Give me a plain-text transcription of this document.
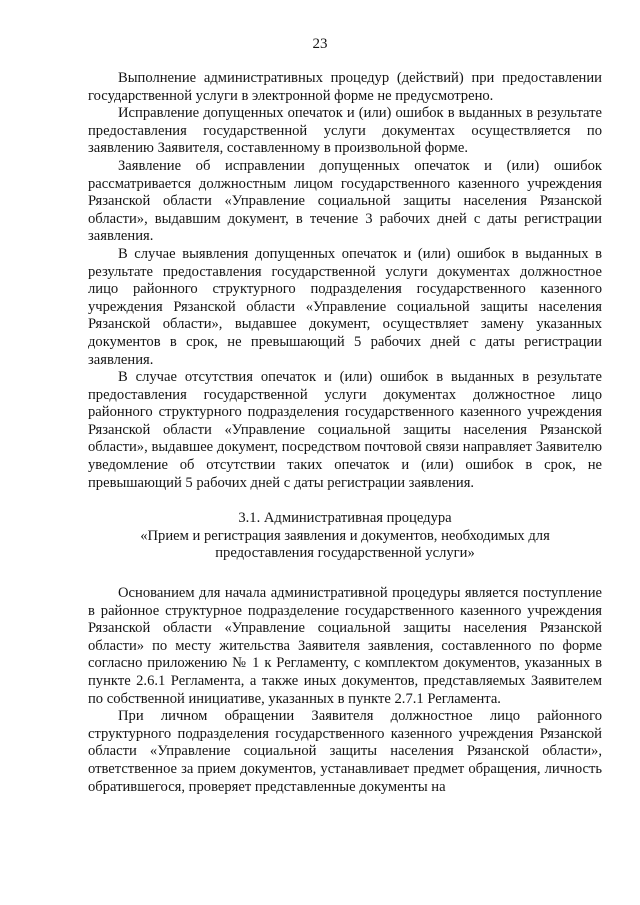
23

Выполнение административных процедур (действий) при предоставлении государственной услуги в электронной форме не предусмотрено.

Исправление допущенных опечаток и (или) ошибок в выданных в результате предоставления государственной услуги документах осуществляется по заявлению Заявителя, составленному в произвольной форме.

Заявление об исправлении допущенных опечаток и (или) ошибок рассматривается должностным лицом государственного казенного учреждения Рязанской области «Управление социальной защиты населения Рязанской области», выдавшим документ, в течение 3 рабочих дней с даты регистрации заявления.

В случае выявления допущенных опечаток и (или) ошибок в выданных в результате предоставления государственной услуги документах должностное лицо районного структурного подразделения государственного казенного учреждения Рязанской области «Управление социальной защиты населения Рязанской области», выдавшее документ, осуществляет замену указанных документов в срок, не превышающий 5 рабочих дней с даты регистрации заявления.

В случае отсутствия опечаток и (или) ошибок в выданных в результате предоставления государственной услуги документах должностное лицо районного структурного подразделения государственного казенного учреждения Рязанской области «Управление социальной защиты населения Рязанской области», выдавшее документ, посредством почтовой связи направляет Заявителю уведомление об отсутствии таких опечаток и (или) ошибок в срок, не превышающий 5 рабочих дней с даты регистрации заявления.

3.1. Административная процедура
«Прием и регистрация заявления и документов, необходимых для
предоставления государственной услуги»

Основанием для начала административной процедуры является поступление в районное структурное подразделение государственного казенного учреждения Рязанской области «Управление социальной защиты населения Рязанской области» по месту жительства Заявителя заявления, составленного по форме согласно приложению № 1 к Регламенту, с комплектом документов, указанных в пункте 2.6.1 Регламента, а также иных документов, представляемых Заявителем по собственной инициативе, указанных в пункте 2.7.1 Регламента.

При личном обращении Заявителя должностное лицо районного структурного подразделения государственного казенного учреждения Рязанской области «Управление социальной защиты населения Рязанской области», ответственное за прием документов, устанавливает предмет обращения, личность обратившегося, проверяет представленные документы на
